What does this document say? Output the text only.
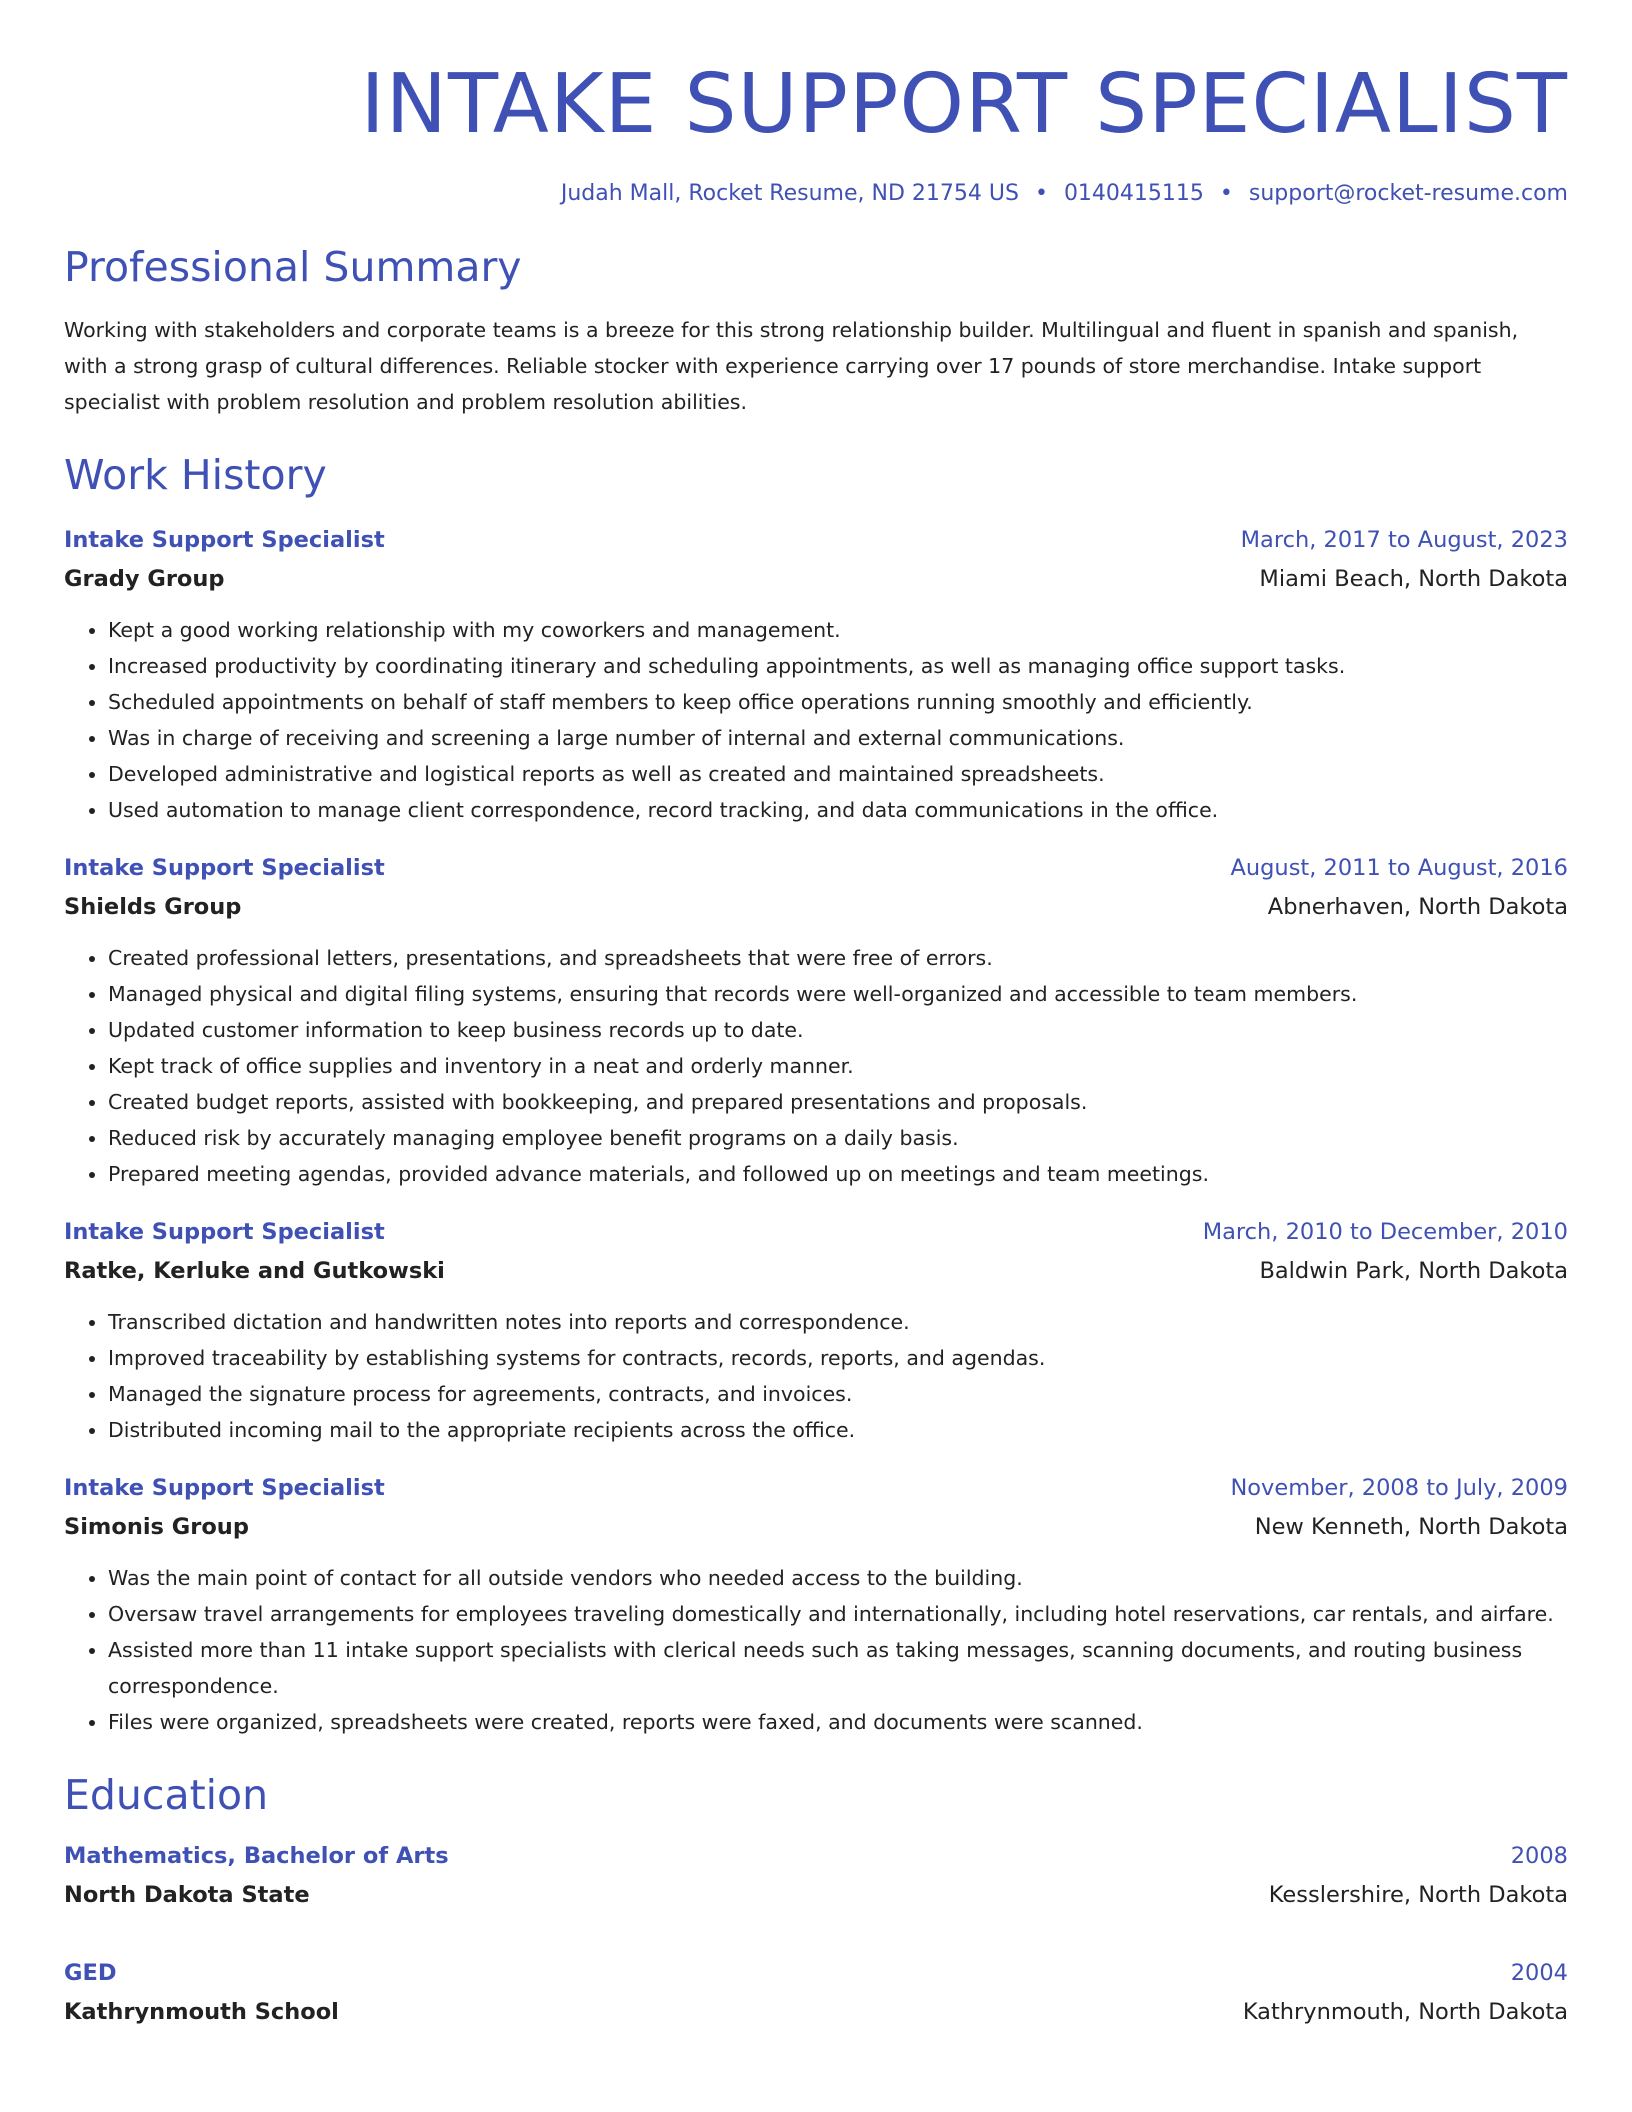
INTAKE SUPPORT SPECIALIST
Judah Mall, Rocket Resume, ND 21754 US • 0140415115 • support@rocket-resume.com
Professional Summary

Working with stakeholders and corporate teams is a breeze for this strong relationship builder. Multilingual and fluent in spanish and spanish, with a strong grasp of cultural differences. Reliable stocker with experience carrying over 17 pounds of store merchandise. Intake support specialist with problem resolution and problem resolution abilities.

Work History
Intake Support Specialist	March, 2017 to August, 2023
Grady Group	Miami Beach, North Dakota
• Kept a good working relationship with my coworkers and management.
• Increased productivity by coordinating itinerary and scheduling appointments, as well as managing office support tasks.
• Scheduled appointments on behalf of staff members to keep office operations running smoothly and efficiently.
• Was in charge of receiving and screening a large number of internal and external communications.
• Developed administrative and logistical reports as well as created and maintained spreadsheets.
• Used automation to manage client correspondence, record tracking, and data communications in the office.
Intake Support Specialist	August, 2011 to August, 2016
Shields Group	Abnerhaven, North Dakota
• Created professional letters, presentations, and spreadsheets that were free of errors.
• Managed physical and digital filing systems, ensuring that records were well-organized and accessible to team members.
• Updated customer information to keep business records up to date.
• Kept track of office supplies and inventory in a neat and orderly manner.
• Created budget reports, assisted with bookkeeping, and prepared presentations and proposals.
• Reduced risk by accurately managing employee benefit programs on a daily basis.
• Prepared meeting agendas, provided advance materials, and followed up on meetings and team meetings.
Intake Support Specialist	March, 2010 to December, 2010
Ratke, Kerluke and Gutkowski	Baldwin Park, North Dakota
• Transcribed dictation and handwritten notes into reports and correspondence.
• Improved traceability by establishing systems for contracts, records, reports, and agendas.
• Managed the signature process for agreements, contracts, and invoices.
• Distributed incoming mail to the appropriate recipients across the office.
Intake Support Specialist	November, 2008 to July, 2009
Simonis Group	New Kenneth, North Dakota
• Was the main point of contact for all outside vendors who needed access to the building.
• Oversaw travel arrangements for employees traveling domestically and internationally, including hotel reservations, car rentals, and airfare.
• Assisted more than 11 intake support specialists with clerical needs such as taking messages, scanning documents, and routing business correspondence.
• Files were organized, spreadsheets were created, reports were faxed, and documents were scanned.
Education
Mathematics, Bachelor of Arts	2008
North Dakota State	Kesslershire, North Dakota
GED	2004
Kathrynmouth School	Kathrynmouth, North Dakota
